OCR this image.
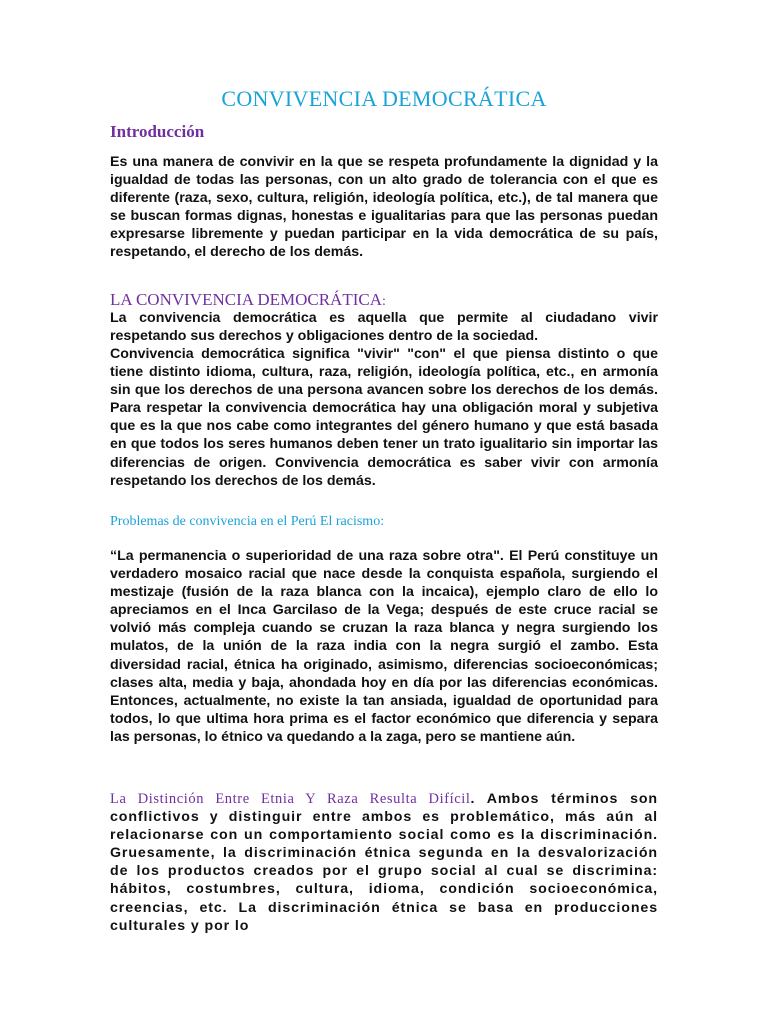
CONVIVENCIA DEMOCRÁTICA
Introducción

Es una manera de convivir en la que se respeta profundamente la dignidad y la igualdad de todas las personas, con un alto grado de tolerancia con el que es diferente (raza, sexo, cultura, religión, ideología política, etc.), de tal manera que se buscan formas dignas, honestas e igualitarias para que las personas puedan expresarse libremente y puedan participar en la vida democrática de su país, respetando, el derecho de los demás.

LA CONVIVENCIA DEMOCRÁTICA:

La convivencia democrática es aquella que permite al ciudadano vivir respetando sus derechos y obligaciones dentro de la sociedad.

Convivencia democrática significa "vivir" "con" el que piensa distinto o que tiene distinto idioma, cultura, raza, religión, ideología política, etc., en armonía sin que los derechos de una persona avancen sobre los derechos de los demás. Para respetar la convivencia democrática hay una obligación moral y subjetiva que es la que nos cabe como integrantes del género humano y que está basada en que todos los seres humanos deben tener un trato igualitario sin importar las diferencias de origen. Convivencia democrática es saber vivir con armonía respetando los derechos de los demás.

Problemas de convivencia en el Perú El racismo:

“La permanencia o superioridad de una raza sobre otra". El Perú constituye un verdadero mosaico racial que nace desde la conquista española, surgiendo el mestizaje (fusión de la raza blanca con la incaica), ejemplo claro de ello lo apreciamos en el Inca Garcilaso de la Vega; después de este cruce racial se volvió más compleja cuando se cruzan la raza blanca y negra surgiendo los mulatos, de la unión de la raza india con la negra surgió el zambo. Esta diversidad racial, étnica ha originado, asimismo, diferencias socioeconómicas; clases alta, media y baja, ahondada hoy en día por las diferencias económicas. Entonces, actualmente, no existe la tan ansiada, igualdad de oportunidad para todos, lo que ultima hora prima es el factor económico que diferencia y separa las personas, lo étnico va quedando a la zaga, pero se mantiene aún.

La Distinción Entre Etnia Y Raza Resulta Difícil. Ambos términos son conflictivos y distinguir entre ambos es problemático, más aún al relacionarse con un comportamiento social como es la discriminación. Gruesamente, la discriminación étnica segunda en la desvalorización de los productos creados por el grupo social al cual se discrimina: hábitos, costumbres, cultura, idioma, condición socioeconómica, creencias, etc. La discriminación étnica se basa en producciones culturales y por lo
